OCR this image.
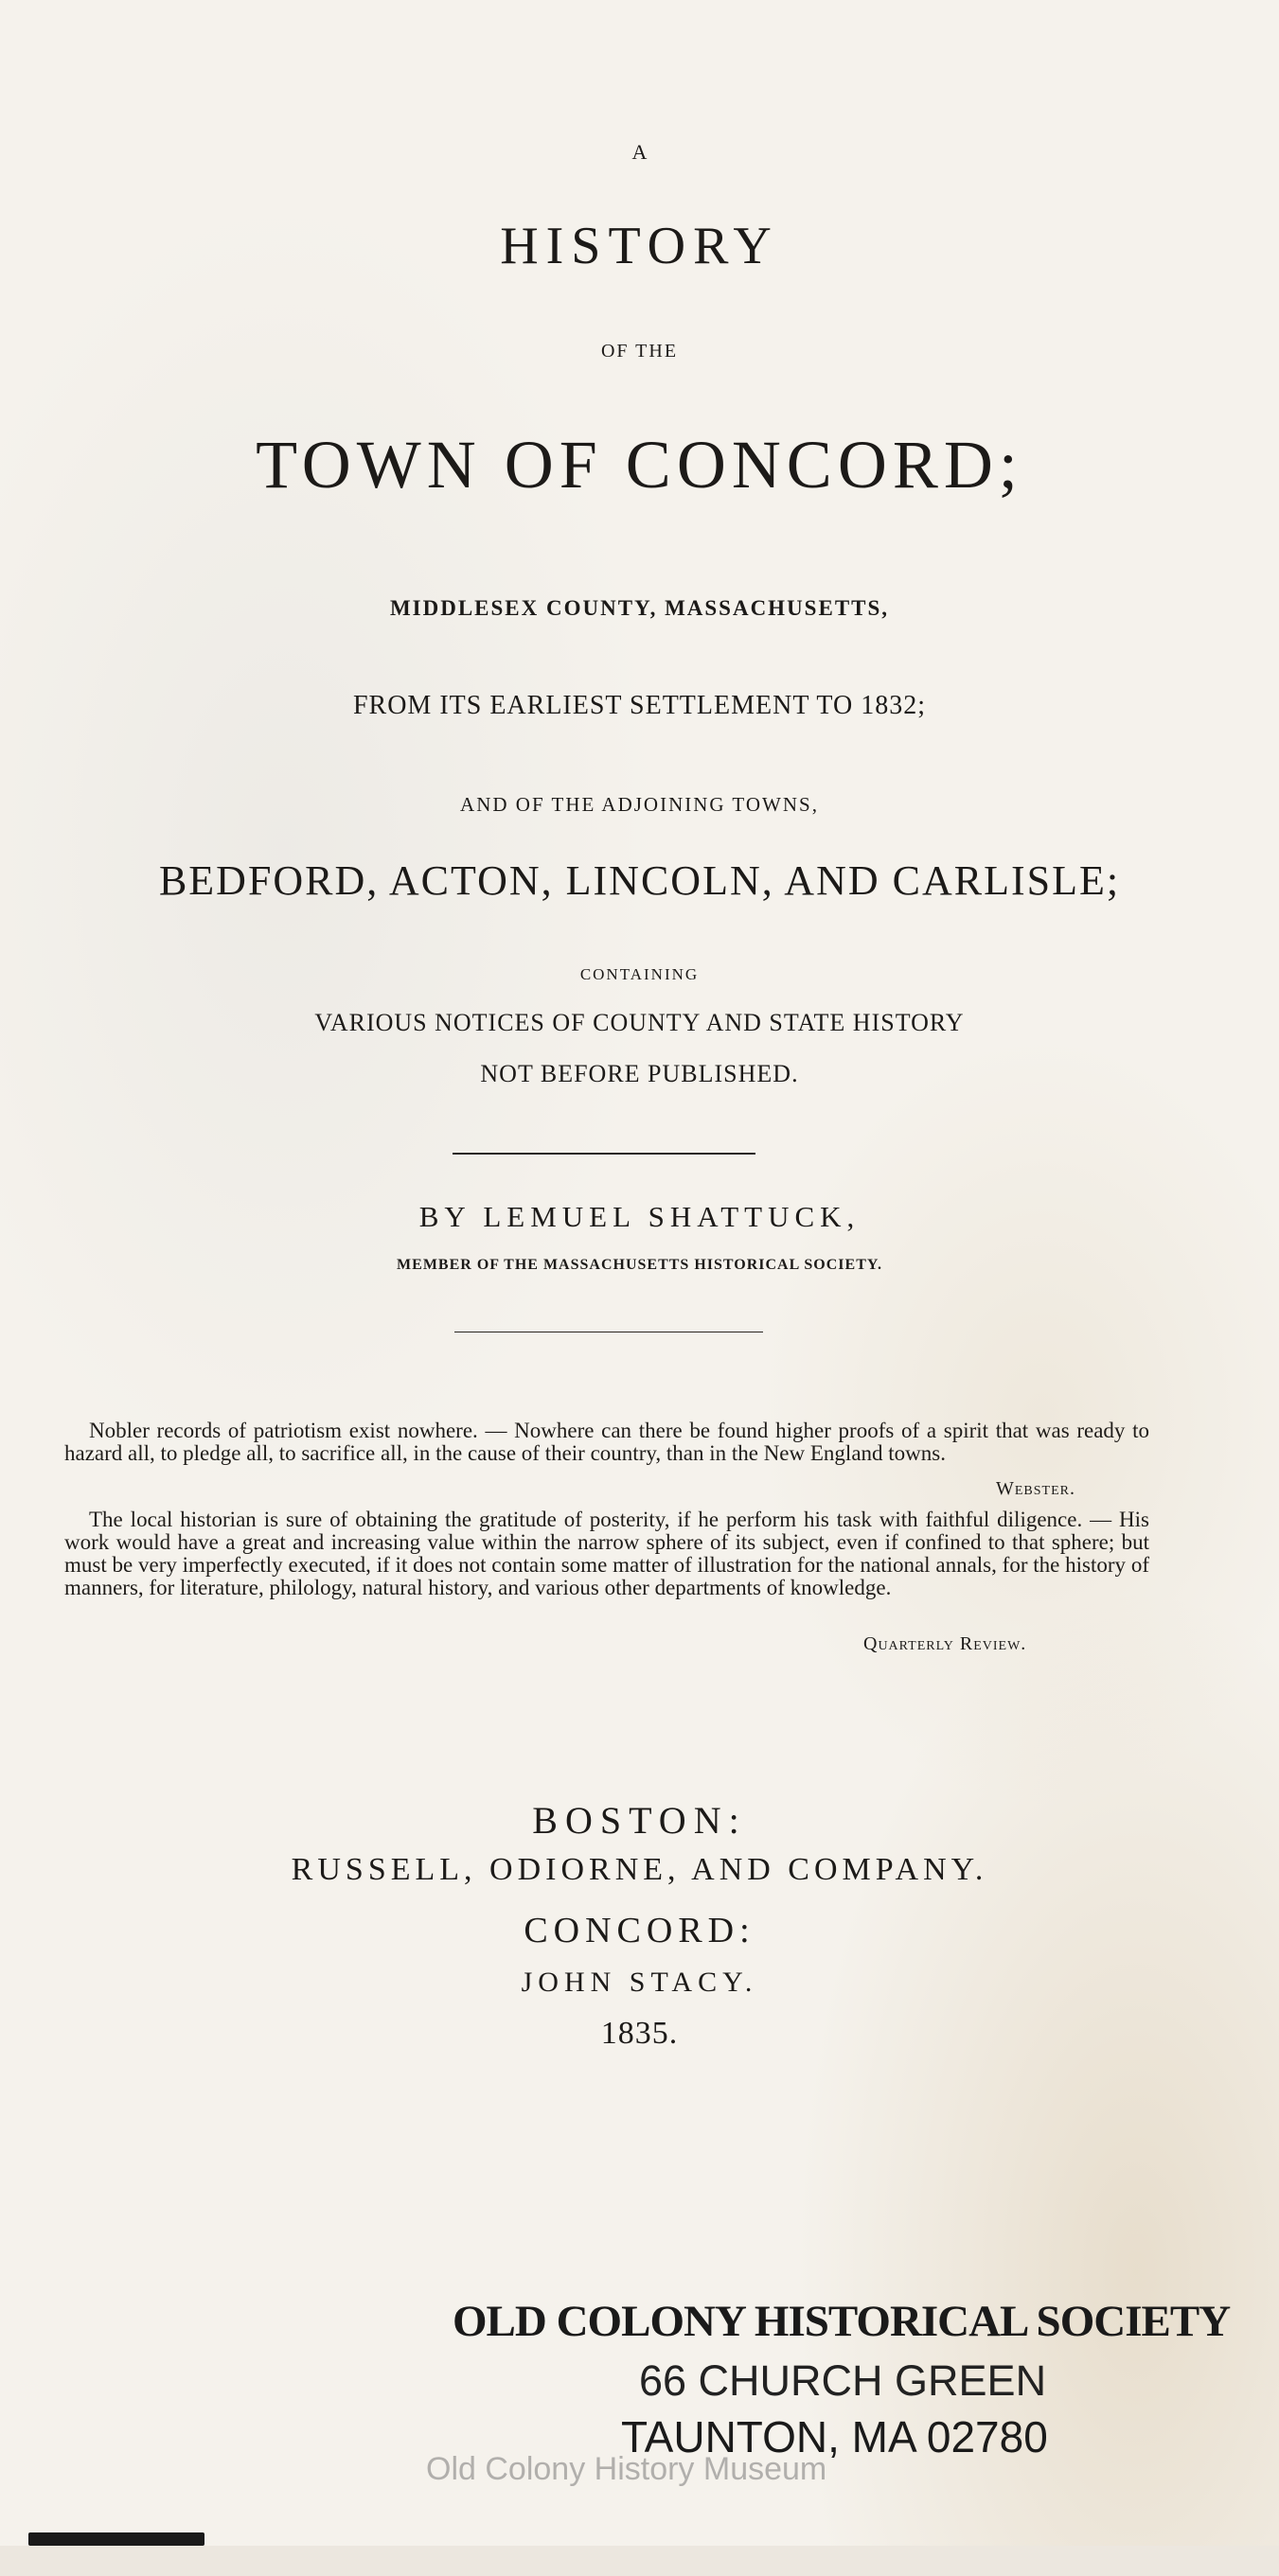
A
HISTORY
OF THE
TOWN OF CONCORD;
MIDDLESEX COUNTY, MASSACHUSETTS,
FROM ITS EARLIEST SETTLEMENT TO 1832;
AND OF THE ADJOINING TOWNS,
BEDFORD, ACTON, LINCOLN, AND CARLISLE;
CONTAINING
VARIOUS NOTICES OF COUNTY AND STATE HISTORY
NOT BEFORE PUBLISHED.
BY LEMUEL SHATTUCK,
MEMBER OF THE MASSACHUSETTS HISTORICAL SOCIETY.

Nobler records of patriotism exist nowhere. — Nowhere can there be found higher proofs of a spirit that was ready to hazard all, to pledge all, to sacrifice all, in the cause of their country, than in the New England towns.

Webster.

The local historian is sure of obtaining the gratitude of posterity, if he perform his task with faithful diligence. — His work would have a great and increasing value within the narrow sphere of its subject, even if confined to that sphere; but must be very imperfectly executed, if it does not contain some matter of illustration for the national annals, for the history of manners, for literature, philology, natural history, and various other departments of knowledge.

Quarterly Review.
BOSTON:
RUSSELL, ODIORNE, AND COMPANY.
CONCORD:
JOHN STACY.
1835.
OLD COLONY HISTORICAL SOCIETY
66 CHURCH GREEN
TAUNTON, MA 02780
Old Colony History Museum
